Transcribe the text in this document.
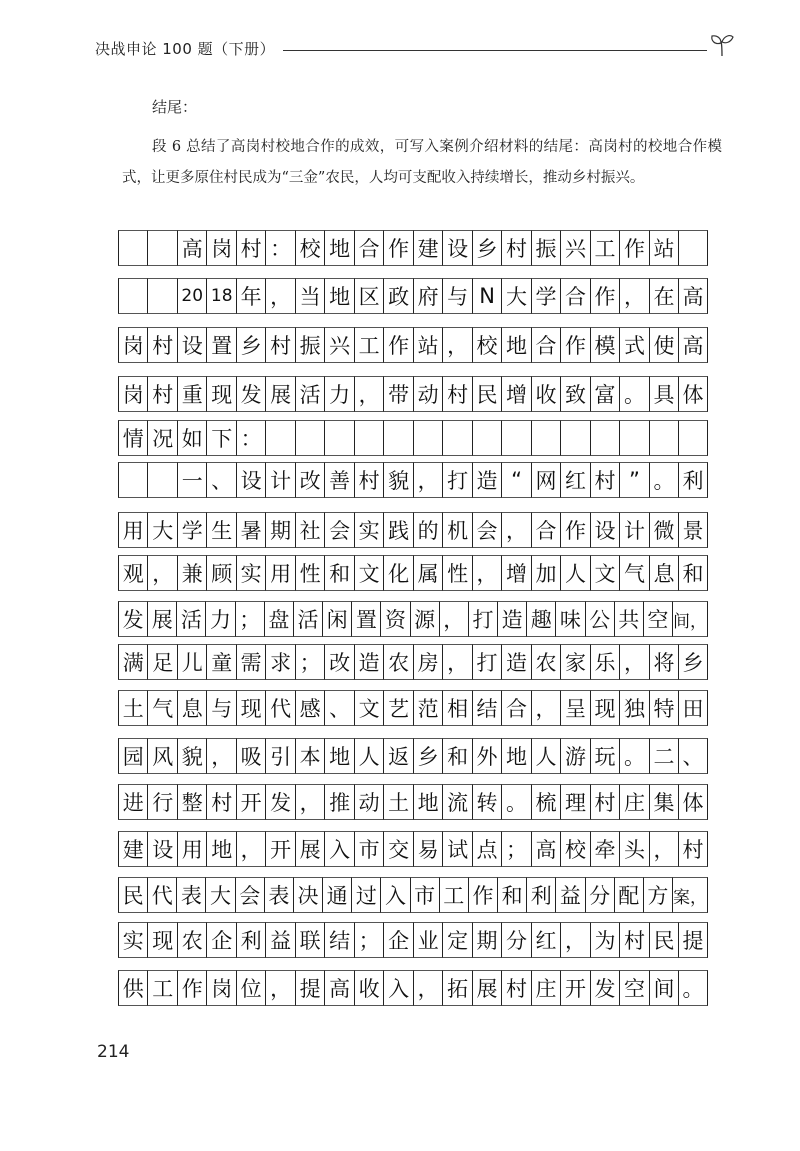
决战申论 100 题（下册）
结尾：
段 6 总结了高岗村校地合作的成效，可写入案例介绍材料的结尾：高岗村的校地合作模式，让更多原住村民成为“三金”农民，人均可支配收入持续增长，推动乡村振兴。
高 岗 村 ： 校 地 合 作 建 设 乡 村 振 兴 工 作 站
20 18 年 ， 当 地 区 政 府 与 N 大 学 合 作 ， 在 高
岗 村 设 置 乡 村 振 兴 工 作 站 ， 校 地 合 作 模 式 使 高
岗 村 重 现 发 展 活 力 ， 带 动 村 民 增 收 致 富 。 具 体
情 况 如 下 ：
一 、 设 计 改 善 村 貌 ， 打 造 “ 网 红 村 ” 。 利
用 大 学 生 暑 期 社 会 实 践 的 机 会 ， 合 作 设 计 微 景
观 ， 兼 顾 实 用 性 和 文 化 属 性 ， 增 加 人 文 气 息 和
发 展 活 力 ； 盘 活 闲 置 资 源 ， 打 造 趣 味 公 共 空 间，
满 足 儿 童 需 求 ； 改 造 农 房 ， 打 造 农 家 乐 ， 将 乡
土 气 息 与 现 代 感 、 文 艺 范 相 结 合 ， 呈 现 独 特 田
园 风 貌 ， 吸 引 本 地 人 返 乡 和 外 地 人 游 玩 。 二 、
进 行 整 村 开 发 ， 推 动 土 地 流 转 。 梳 理 村 庄 集 体
建 设 用 地 ， 开 展 入 市 交 易 试 点 ； 高 校 牵 头 ， 村
民 代 表 大 会 表 决 通 过 入 市 工 作 和 利 益 分 配 方 案，
实 现 农 企 利 益 联 结 ； 企 业 定 期 分 红 ， 为 村 民 提
供 工 作 岗 位 ， 提 高 收 入 ， 拓 展 村 庄 开 发 空 间 。
214
